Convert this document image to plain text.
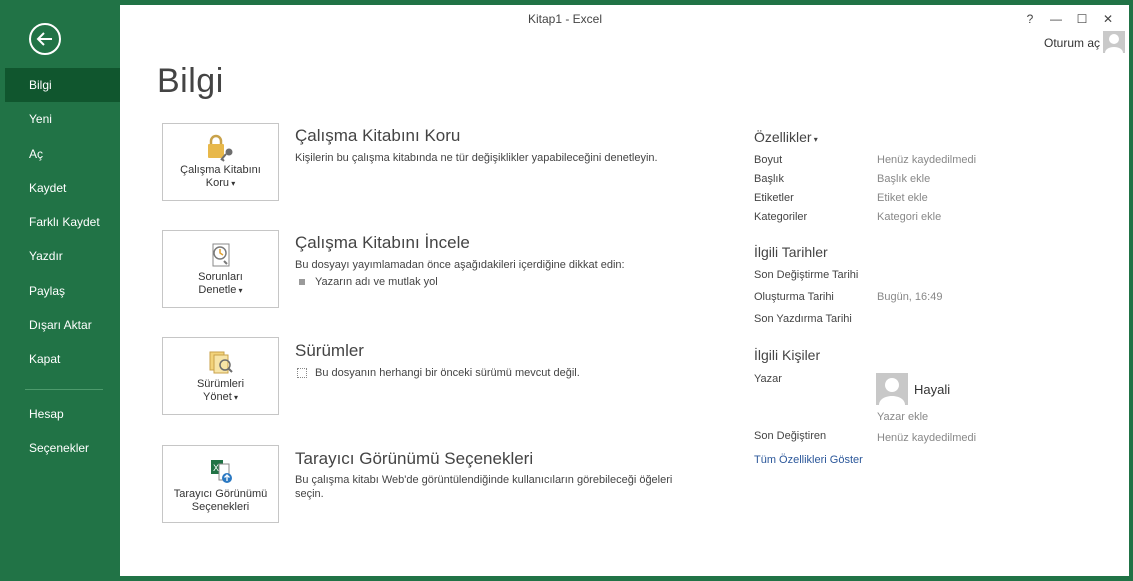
Bilgi
Yeni
Aç
Kaydet
Farklı Kaydet
Yazdır
Paylaş
Dışarı Aktar
Kapat
Hesap
Seçenekler
Kitap1 - Excel	?	—	☐	✕
Oturum aç
Bilgi
Çalışma Kitabını
Koru ▾
Çalışma Kitabını Koru
Kişilerin bu çalışma kitabında ne tür değişiklikler yapabileceğini denetleyin.
Sorunları
Denetle ▾
Çalışma Kitabını İncele
Bu dosyayı yayımlamadan önce aşağıdakileri içerdiğine dikkat edin:
Yazarın adı ve mutlak yol
Sürümleri
Yönet ▾
Sürümler
Bu dosyanın herhangi bir önceki sürümü mevcut değil.
X
Tarayıcı Görünümü
Seçenekleri
Tarayıcı Görünümü Seçenekleri
Bu çalışma kitabı Web'de görüntülendiğinde kullanıcıların görebileceği öğeleri seçin.
Özellikler ▾
Boyut	Henüz kaydedilmedi
Başlık	Başlık ekle
Etiketler	Etiket ekle
Kategoriler	Kategori ekle
İlgili Tarihler
Son Değiştirme Tarihi
Oluşturma Tarihi	Bugün, 16:49
Son Yazdırma Tarihi
İlgili Kişiler
Yazar
Hayali
Yazar ekle
Son Değiştiren	Henüz kaydedilmedi
Tüm Özellikleri Göster
